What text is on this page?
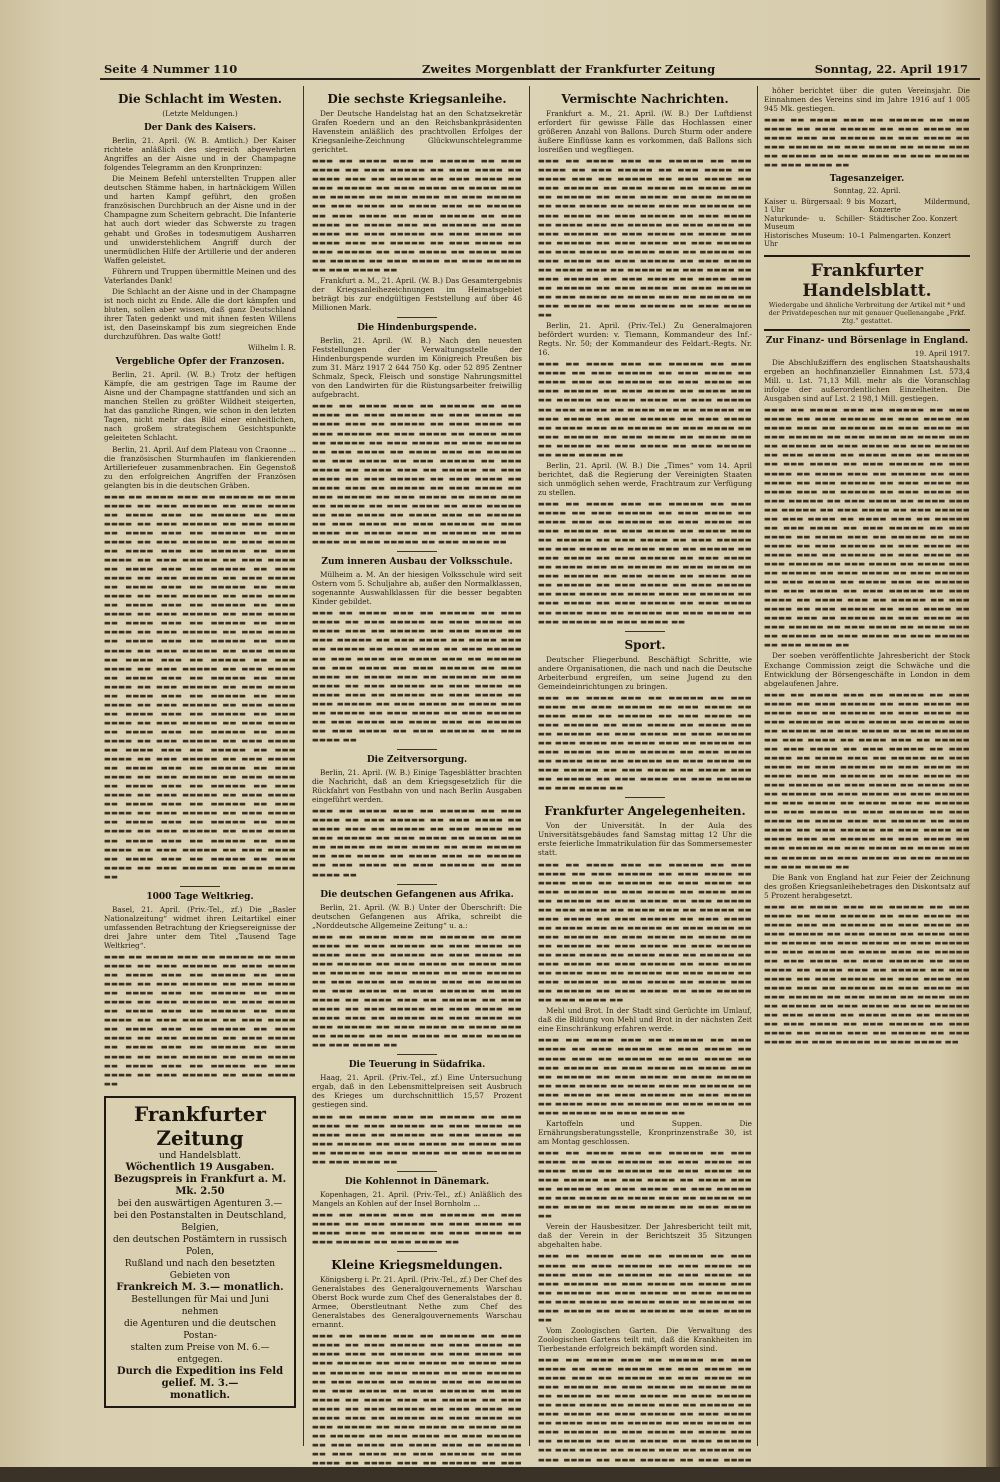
Seite 4 Nummer 110	Zweites Morgenblatt der Frankfurter Zeitung	Sonntag, 22. April 1917
Die Schlacht im Westen.
(Letzte Meldungen.)
Der Dank des Kaisers.

Berlin, 21. April. (W. B. Amtlich.) Der Kaiser richtete anläßlich des siegreich abgewehrten Angriffes an der Aisne und in der Champagne folgendes Telegramm an den Kronprinzen:

Die Meinem Befehl unterstellten Truppen aller deutschen Stämme haben, in hartnäckigem Willen und harten Kampf geführt, den großen französischen Durchbruch an der Aisne und in der Champagne zum Scheitern gebracht. Die Infanterie hat auch dort wieder das Schwerste zu tragen gehabt und Großes in todesmutigem Ausharren und unwiderstehlichem Angriff durch der unermüdlichen Hilfe der Artillerie und der anderen Waffen geleistet.

Führern und Truppen übermittle Meinen und des Vaterlandes Dank!

Die Schlacht an der Aisne und in der Champagne ist noch nicht zu Ende. Alle die dort kämpfen und bluten, sollen aber wissen, daß ganz Deutschland ihrer Taten gedenkt und mit ihnen festen Willens ist, den Daseinskampf bis zum siegreichen Ende durchzuführen. Das walte Gott!

Wilhelm I. R.

Vergebliche Opfer der Franzosen.

Berlin, 21. April. (W. B.) Trotz der heftigen Kämpfe, die am gestrigen Tage im Raume der Aisne und der Champagne stattfanden und sich an manchen Stellen zu größter Wildheit steigerten, hat das ganzliche Ringen, wie schon in den letzten Tagen, nicht mehr das Bild einer einheitlichen, nach großem strategischem Gesichtspunkte geleiteten Schlacht.

Berlin, 21. April. Auf dem Plateau von Craonne ... die französischen Sturmhaufen im flankierenden Artilleriefeuer zusammenbrachen. Ein Gegenstoß zu den erfolgreichen Angriffen der Französen gelangten bis in die deutschen Gräben.

▬▬▬ ▬▬ ▬▬▬▬ ▬▬▬ ▬▬ ▬▬▬▬▬ ▬▬ ▬▬▬ ▬▬▬▬ ▬▬ ▬▬▬ ▬▬▬▬▬ ▬▬ ▬▬▬ ▬▬▬▬ ▬▬ ▬▬▬▬ ▬▬▬ ▬▬ ▬▬▬▬▬ ▬▬ ▬▬▬ ▬▬▬▬ ▬▬ ▬▬▬ ▬▬▬▬▬ ▬▬ ▬▬▬ ▬▬▬▬ ▬▬ ▬▬▬▬ ▬▬▬ ▬▬ ▬▬▬▬▬ ▬▬ ▬▬▬ ▬▬▬▬ ▬▬ ▬▬▬ ▬▬▬▬▬ ▬▬ ▬▬▬ ▬▬▬▬ ▬▬ ▬▬▬▬ ▬▬▬ ▬▬ ▬▬▬▬▬ ▬▬ ▬▬▬ ▬▬▬▬ ▬▬ ▬▬▬ ▬▬▬▬▬ ▬▬ ▬▬▬ ▬▬▬▬ ▬▬ ▬▬▬▬ ▬▬▬ ▬▬ ▬▬▬▬▬ ▬▬ ▬▬▬ ▬▬▬▬ ▬▬ ▬▬▬ ▬▬▬▬▬ ▬▬ ▬▬▬ ▬▬▬▬ ▬▬ ▬▬▬▬ ▬▬▬ ▬▬ ▬▬▬▬▬ ▬▬ ▬▬▬ ▬▬▬▬ ▬▬ ▬▬▬ ▬▬▬▬▬ ▬▬ ▬▬▬ ▬▬▬▬ ▬▬ ▬▬▬▬ ▬▬▬ ▬▬ ▬▬▬▬▬ ▬▬ ▬▬▬ ▬▬▬▬ ▬▬ ▬▬▬ ▬▬▬▬▬ ▬▬ ▬▬▬ ▬▬▬▬ ▬▬ ▬▬▬▬ ▬▬▬ ▬▬ ▬▬▬▬▬ ▬▬ ▬▬▬ ▬▬▬▬ ▬▬ ▬▬▬ ▬▬▬▬▬ ▬▬ ▬▬▬ ▬▬▬▬ ▬▬ ▬▬▬▬ ▬▬▬ ▬▬ ▬▬▬▬▬ ▬▬ ▬▬▬ ▬▬▬▬ ▬▬ ▬▬▬ ▬▬▬▬▬ ▬▬ ▬▬▬ ▬▬▬▬ ▬▬ ▬▬▬▬ ▬▬▬ ▬▬ ▬▬▬▬▬ ▬▬ ▬▬▬ ▬▬▬▬ ▬▬ ▬▬▬ ▬▬▬▬▬ ▬▬ ▬▬▬ ▬▬▬▬ ▬▬ ▬▬▬▬ ▬▬▬ ▬▬ ▬▬▬▬▬ ▬▬ ▬▬▬ ▬▬▬▬ ▬▬ ▬▬▬ ▬▬▬▬▬ ▬▬ ▬▬▬ ▬▬▬▬ ▬▬ ▬▬▬▬ ▬▬▬ ▬▬ ▬▬▬▬▬ ▬▬ ▬▬▬ ▬▬▬▬ ▬▬ ▬▬▬ ▬▬▬▬▬ ▬▬ ▬▬▬ ▬▬▬▬ ▬▬ ▬▬▬▬ ▬▬▬ ▬▬ ▬▬▬▬▬ ▬▬ ▬▬▬ ▬▬▬▬ ▬▬ ▬▬▬ ▬▬▬▬▬ ▬▬ ▬▬▬ ▬▬▬▬ ▬▬ ▬▬▬▬ ▬▬▬ ▬▬ ▬▬▬▬▬ ▬▬ ▬▬▬ ▬▬▬▬ ▬▬ ▬▬▬ ▬▬▬▬▬ ▬▬ ▬▬▬ ▬▬▬▬ ▬▬ ▬▬▬▬ ▬▬▬ ▬▬ ▬▬▬▬▬ ▬▬ ▬▬▬ ▬▬▬▬ ▬▬ ▬▬▬ ▬▬▬▬▬ ▬▬ ▬▬▬ ▬▬▬▬ ▬▬ ▬▬▬▬ ▬▬▬ ▬▬ ▬▬▬▬▬ ▬▬ ▬▬▬ ▬▬▬▬ ▬▬ ▬▬▬ ▬▬▬▬▬ ▬▬ ▬▬▬ ▬▬▬▬ ▬▬ ▬▬▬▬ ▬▬▬ ▬▬ ▬▬▬▬▬ ▬▬ ▬▬▬ ▬▬▬▬ ▬▬ ▬▬▬ ▬▬▬▬▬ ▬▬ ▬▬▬ ▬▬▬▬ ▬▬ ▬▬▬▬ ▬▬▬ ▬▬ ▬▬▬▬▬ ▬▬ ▬▬▬ ▬▬▬▬ ▬▬ ▬▬▬ ▬▬▬▬▬ ▬▬ ▬▬▬ ▬▬▬▬ ▬▬ ▬▬▬▬ ▬▬▬ ▬▬ ▬▬▬▬▬ ▬▬ ▬▬▬ ▬▬▬▬ ▬▬ ▬▬▬ ▬▬▬▬▬ ▬▬ ▬▬▬ ▬▬▬▬ ▬▬ ▬▬▬▬ ▬▬▬ ▬▬ ▬▬▬▬▬ ▬▬ ▬▬▬ ▬▬▬▬ ▬▬ ▬▬▬ ▬▬▬▬▬ ▬▬ ▬▬▬ ▬▬▬▬ ▬▬ ▬▬▬▬ ▬▬▬ ▬▬ ▬▬▬▬▬ ▬▬ ▬▬▬ ▬▬▬▬ ▬▬ ▬▬▬ ▬▬▬▬▬ ▬▬ ▬▬▬ ▬▬▬▬ ▬▬

1000 Tage Weltkrieg.

Basel, 21. April. (Priv.-Tel., zf.) Die „Basler Nationalzeitung“ widmet ihren Leitartikel einer umfassenden Betrachtung der Kriegsereignisse der drei Jahre unter dem Titel „Tausend Tage Weltkrieg“.

▬▬▬ ▬▬ ▬▬▬▬ ▬▬▬ ▬▬ ▬▬▬▬▬ ▬▬ ▬▬▬ ▬▬▬▬ ▬▬ ▬▬▬ ▬▬▬▬▬ ▬▬ ▬▬▬ ▬▬▬▬ ▬▬ ▬▬▬▬ ▬▬▬ ▬▬ ▬▬▬▬▬ ▬▬ ▬▬▬ ▬▬▬▬ ▬▬ ▬▬▬ ▬▬▬▬▬ ▬▬ ▬▬▬ ▬▬▬▬ ▬▬ ▬▬▬▬ ▬▬▬ ▬▬ ▬▬▬▬▬ ▬▬ ▬▬▬ ▬▬▬▬ ▬▬ ▬▬▬ ▬▬▬▬▬ ▬▬ ▬▬▬ ▬▬▬▬ ▬▬ ▬▬▬▬ ▬▬▬ ▬▬ ▬▬▬▬▬ ▬▬ ▬▬▬ ▬▬▬▬ ▬▬ ▬▬▬ ▬▬▬▬▬ ▬▬ ▬▬▬ ▬▬▬▬ ▬▬ ▬▬▬▬ ▬▬▬ ▬▬ ▬▬▬▬▬ ▬▬ ▬▬▬ ▬▬▬▬ ▬▬ ▬▬▬ ▬▬▬▬▬ ▬▬ ▬▬▬ ▬▬▬▬ ▬▬ ▬▬▬▬ ▬▬▬ ▬▬ ▬▬▬▬▬ ▬▬ ▬▬▬ ▬▬▬▬ ▬▬ ▬▬▬ ▬▬▬▬▬ ▬▬ ▬▬▬ ▬▬▬▬ ▬▬ ▬▬▬▬ ▬▬▬ ▬▬ ▬▬▬▬▬ ▬▬ ▬▬▬ ▬▬▬▬ ▬▬ ▬▬▬ ▬▬▬▬▬ ▬▬ ▬▬▬ ▬▬▬▬ ▬▬

Frankfurter Zeitung
und Handelsblatt.
Wöchentlich 19 Ausgaben.
Bezugspreis in Frankfurt a. M. Mk. 2.50

bei den auswärtigen Agenturen 3.—

bei den Postanstalten in Deutschland, Belgien,

den deutschen Postämtern in russisch Polen,

Rußland und nach den besetzten Gebieten von

Frankreich M. 3.— monatlich.

Bestellungen für Mai und Juni nehmen

die Agenturen und die deutschen Postan-

stalten zum Preise von M. 6.— entgegen.

Durch die Expedition ins Feld gelief. M. 3.—

monatlich.

Die sechste Kriegsanleihe.

Der Deutsche Handelstag hat an den Schatzsekretär Grafen Roedern und an den Reichsbankpräsidenten Havenstein anläßlich des prachtvollen Erfolges der Kriegsanleihe-Zeichnung Glückwunschtelegramme gerichtet.

▬▬▬ ▬▬ ▬▬▬▬ ▬▬▬ ▬▬ ▬▬▬▬▬ ▬▬ ▬▬▬ ▬▬▬▬ ▬▬ ▬▬▬ ▬▬▬▬▬ ▬▬ ▬▬▬ ▬▬▬▬ ▬▬ ▬▬▬▬ ▬▬▬ ▬▬ ▬▬▬▬▬ ▬▬ ▬▬▬ ▬▬▬▬ ▬▬ ▬▬▬ ▬▬▬▬▬ ▬▬ ▬▬▬ ▬▬▬▬ ▬▬ ▬▬▬▬ ▬▬▬ ▬▬ ▬▬▬▬▬ ▬▬ ▬▬▬ ▬▬▬▬ ▬▬ ▬▬▬ ▬▬▬▬▬ ▬▬ ▬▬▬ ▬▬▬▬ ▬▬ ▬▬▬▬ ▬▬▬ ▬▬ ▬▬▬▬▬ ▬▬ ▬▬▬ ▬▬▬▬ ▬▬ ▬▬▬ ▬▬▬▬▬ ▬▬ ▬▬▬ ▬▬▬▬ ▬▬ ▬▬▬▬ ▬▬▬ ▬▬ ▬▬▬▬▬ ▬▬ ▬▬▬ ▬▬▬▬ ▬▬ ▬▬▬ ▬▬▬▬▬ ▬▬ ▬▬▬ ▬▬▬▬ ▬▬ ▬▬▬▬ ▬▬▬ ▬▬ ▬▬▬▬▬ ▬▬ ▬▬▬ ▬▬▬▬ ▬▬ ▬▬▬ ▬▬▬▬▬ ▬▬ ▬▬▬ ▬▬▬▬ ▬▬ ▬▬▬▬ ▬▬▬ ▬▬ ▬▬▬▬▬ ▬▬ ▬▬▬ ▬▬▬▬ ▬▬ ▬▬▬ ▬▬▬▬▬ ▬▬ ▬▬▬ ▬▬▬▬ ▬▬

Frankfurt a. M., 21. April. (W. B.) Das Gesamtergebnis der Kriegsanleihezeichnungen im Heimatsgebiet beträgt bis zur endgültigen Feststellung auf über 46 Millionen Mark.

Die Hindenburgspende.

Berlin, 21. April. (W. B.) Nach den neuesten Feststellungen der Verwaltungsstelle der Hindenburgspende wurden im Königreich Preußen bis zum 31. März 1917 2 644 750 Kg. oder 52 895 Zentner Schmalz, Speck, Fleisch und sonstige Nahrungsmittel von den Landwirten für die Rüstungsarbeiter freiwillig aufgebracht.

▬▬▬ ▬▬ ▬▬▬▬ ▬▬▬ ▬▬ ▬▬▬▬▬ ▬▬ ▬▬▬ ▬▬▬▬ ▬▬ ▬▬▬ ▬▬▬▬▬ ▬▬ ▬▬▬ ▬▬▬▬ ▬▬ ▬▬▬▬ ▬▬▬ ▬▬ ▬▬▬▬▬ ▬▬ ▬▬▬ ▬▬▬▬ ▬▬ ▬▬▬ ▬▬▬▬▬ ▬▬ ▬▬▬ ▬▬▬▬ ▬▬ ▬▬▬▬ ▬▬▬ ▬▬ ▬▬▬▬▬ ▬▬ ▬▬▬ ▬▬▬▬ ▬▬ ▬▬▬ ▬▬▬▬▬ ▬▬ ▬▬▬ ▬▬▬▬ ▬▬ ▬▬▬▬ ▬▬▬ ▬▬ ▬▬▬▬▬ ▬▬ ▬▬▬ ▬▬▬▬ ▬▬ ▬▬▬ ▬▬▬▬▬ ▬▬ ▬▬▬ ▬▬▬▬ ▬▬ ▬▬▬▬ ▬▬▬ ▬▬ ▬▬▬▬▬ ▬▬ ▬▬▬ ▬▬▬▬ ▬▬ ▬▬▬ ▬▬▬▬▬ ▬▬ ▬▬▬ ▬▬▬▬ ▬▬ ▬▬▬▬ ▬▬▬ ▬▬ ▬▬▬▬▬ ▬▬ ▬▬▬ ▬▬▬▬ ▬▬ ▬▬▬ ▬▬▬▬▬ ▬▬ ▬▬▬ ▬▬▬▬ ▬▬ ▬▬▬▬ ▬▬▬ ▬▬ ▬▬▬▬▬ ▬▬ ▬▬▬ ▬▬▬▬ ▬▬ ▬▬▬ ▬▬▬▬▬ ▬▬ ▬▬▬ ▬▬▬▬ ▬▬ ▬▬▬▬ ▬▬▬ ▬▬ ▬▬▬▬▬ ▬▬ ▬▬▬ ▬▬▬▬ ▬▬ ▬▬▬ ▬▬▬▬▬ ▬▬ ▬▬▬ ▬▬▬▬ ▬▬ ▬▬▬▬ ▬▬▬ ▬▬ ▬▬▬▬▬ ▬▬ ▬▬▬ ▬▬▬▬ ▬▬ ▬▬▬ ▬▬▬▬▬ ▬▬ ▬▬▬ ▬▬▬▬ ▬▬

Zum inneren Ausbau der Volksschule.

Mülheim a. M. An der hiesigen Volksschule wird seit Ostern vom 5. Schuljahre ab, außer den Normalklassen, sogenannte Auswahlklassen für die besser begabten Kinder gebildet.

▬▬▬ ▬▬ ▬▬▬▬ ▬▬▬ ▬▬ ▬▬▬▬▬ ▬▬ ▬▬▬ ▬▬▬▬ ▬▬ ▬▬▬ ▬▬▬▬▬ ▬▬ ▬▬▬ ▬▬▬▬ ▬▬ ▬▬▬▬ ▬▬▬ ▬▬ ▬▬▬▬▬ ▬▬ ▬▬▬ ▬▬▬▬ ▬▬ ▬▬▬ ▬▬▬▬▬ ▬▬ ▬▬▬ ▬▬▬▬ ▬▬ ▬▬▬▬ ▬▬▬ ▬▬ ▬▬▬▬▬ ▬▬ ▬▬▬ ▬▬▬▬ ▬▬ ▬▬▬ ▬▬▬▬▬ ▬▬ ▬▬▬ ▬▬▬▬ ▬▬ ▬▬▬▬ ▬▬▬ ▬▬ ▬▬▬▬▬ ▬▬ ▬▬▬ ▬▬▬▬ ▬▬ ▬▬▬ ▬▬▬▬▬ ▬▬ ▬▬▬ ▬▬▬▬ ▬▬ ▬▬▬▬ ▬▬▬ ▬▬ ▬▬▬▬▬ ▬▬ ▬▬▬ ▬▬▬▬ ▬▬ ▬▬▬ ▬▬▬▬▬ ▬▬ ▬▬▬ ▬▬▬▬ ▬▬ ▬▬▬▬ ▬▬▬ ▬▬ ▬▬▬▬▬ ▬▬ ▬▬▬ ▬▬▬▬ ▬▬ ▬▬▬ ▬▬▬▬▬ ▬▬ ▬▬▬ ▬▬▬▬ ▬▬ ▬▬▬▬ ▬▬▬ ▬▬ ▬▬▬▬▬ ▬▬ ▬▬▬ ▬▬▬▬ ▬▬ ▬▬▬ ▬▬▬▬▬ ▬▬ ▬▬▬ ▬▬▬▬ ▬▬ ▬▬▬▬ ▬▬▬ ▬▬ ▬▬▬▬▬ ▬▬ ▬▬▬ ▬▬▬▬ ▬▬ ▬▬▬ ▬▬▬▬▬ ▬▬ ▬▬▬ ▬▬▬▬ ▬▬

Die Zeitversorgung.

Berlin, 21. April. (W. B.) Einige Tagesblätter brachten die Nachricht, daß an dem Kriegsgesetzlich für die Rückfahrt von Festbahn von und nach Berlin Ausgaben eingeführt werden.

▬▬▬ ▬▬ ▬▬▬▬ ▬▬▬ ▬▬ ▬▬▬▬▬ ▬▬ ▬▬▬ ▬▬▬▬ ▬▬ ▬▬▬ ▬▬▬▬▬ ▬▬ ▬▬▬ ▬▬▬▬ ▬▬ ▬▬▬▬ ▬▬▬ ▬▬ ▬▬▬▬▬ ▬▬ ▬▬▬ ▬▬▬▬ ▬▬ ▬▬▬ ▬▬▬▬▬ ▬▬ ▬▬▬ ▬▬▬▬ ▬▬ ▬▬▬▬ ▬▬▬ ▬▬ ▬▬▬▬▬ ▬▬ ▬▬▬ ▬▬▬▬ ▬▬ ▬▬▬ ▬▬▬▬▬ ▬▬ ▬▬▬ ▬▬▬▬ ▬▬ ▬▬▬▬ ▬▬▬ ▬▬ ▬▬▬▬▬ ▬▬ ▬▬▬ ▬▬▬▬ ▬▬ ▬▬▬ ▬▬▬▬▬ ▬▬ ▬▬▬ ▬▬▬▬ ▬▬

Die deutschen Gefangenen aus Afrika.

Berlin, 21. April. (W. B.) Unter der Überschrift: Die deutschen Gefangenen aus Afrika, schreibt die „Norddeutsche Allgemeine Zeitung“ u. a.:

▬▬▬ ▬▬ ▬▬▬▬ ▬▬▬ ▬▬ ▬▬▬▬▬ ▬▬ ▬▬▬ ▬▬▬▬ ▬▬ ▬▬▬ ▬▬▬▬▬ ▬▬ ▬▬▬ ▬▬▬▬ ▬▬ ▬▬▬▬ ▬▬▬ ▬▬ ▬▬▬▬▬ ▬▬ ▬▬▬ ▬▬▬▬ ▬▬ ▬▬▬ ▬▬▬▬▬ ▬▬ ▬▬▬ ▬▬▬▬ ▬▬ ▬▬▬▬ ▬▬▬ ▬▬ ▬▬▬▬▬ ▬▬ ▬▬▬ ▬▬▬▬ ▬▬ ▬▬▬ ▬▬▬▬▬ ▬▬ ▬▬▬ ▬▬▬▬ ▬▬ ▬▬▬▬ ▬▬▬ ▬▬ ▬▬▬▬▬ ▬▬ ▬▬▬ ▬▬▬▬ ▬▬ ▬▬▬ ▬▬▬▬▬ ▬▬ ▬▬▬ ▬▬▬▬ ▬▬ ▬▬▬▬ ▬▬▬ ▬▬ ▬▬▬▬▬ ▬▬ ▬▬▬ ▬▬▬▬ ▬▬ ▬▬▬ ▬▬▬▬▬ ▬▬ ▬▬▬ ▬▬▬▬ ▬▬ ▬▬▬▬ ▬▬▬ ▬▬ ▬▬▬▬▬ ▬▬ ▬▬▬ ▬▬▬▬ ▬▬ ▬▬▬ ▬▬▬▬▬ ▬▬ ▬▬▬ ▬▬▬▬ ▬▬ ▬▬▬▬ ▬▬▬ ▬▬ ▬▬▬▬▬ ▬▬ ▬▬▬ ▬▬▬▬ ▬▬ ▬▬▬ ▬▬▬▬▬ ▬▬ ▬▬▬ ▬▬▬▬ ▬▬

Die Teuerung in Südafrika.

Haag, 21. April. (Priv.-Tel., zf.) Eine Untersuchung ergab, daß in den Lebensmittelpreisen seit Ausbruch des Krieges um durchschnittlich 15,57 Prozent gestiegen sind.

▬▬▬ ▬▬ ▬▬▬▬ ▬▬▬ ▬▬ ▬▬▬▬▬ ▬▬ ▬▬▬ ▬▬▬▬ ▬▬ ▬▬▬ ▬▬▬▬▬ ▬▬ ▬▬▬ ▬▬▬▬ ▬▬ ▬▬▬▬ ▬▬▬ ▬▬ ▬▬▬▬▬ ▬▬ ▬▬▬ ▬▬▬▬ ▬▬ ▬▬▬ ▬▬▬▬▬ ▬▬ ▬▬▬ ▬▬▬▬ ▬▬ ▬▬▬▬ ▬▬▬ ▬▬ ▬▬▬▬▬ ▬▬ ▬▬▬ ▬▬▬▬ ▬▬ ▬▬▬ ▬▬▬▬▬ ▬▬ ▬▬▬ ▬▬▬▬ ▬▬

Die Kohlennot in Dänemark.

Kopenhagen, 21. April. (Priv.-Tel., zf.) Anläßlich des Mangels an Kohlen auf der Insel Bornholm ...

▬▬▬ ▬▬ ▬▬▬▬ ▬▬▬ ▬▬ ▬▬▬▬▬ ▬▬ ▬▬▬ ▬▬▬▬ ▬▬ ▬▬▬ ▬▬▬▬▬ ▬▬ ▬▬▬ ▬▬▬▬ ▬▬ ▬▬▬▬ ▬▬▬ ▬▬ ▬▬▬▬▬ ▬▬ ▬▬▬ ▬▬▬▬ ▬▬ ▬▬▬ ▬▬▬▬▬ ▬▬ ▬▬▬ ▬▬▬▬ ▬▬

Kleine Kriegsmeldungen.

Königsberg i. Pr. 21. April. (Priv.-Tel., zf.) Der Chef des Generalstabes des Generalgouvernements Warschau Oberst Bock wurde zum Chef des Generalstabes der 8. Armee, Oberstleutnant Nethe zum Chef des Generalstabes des Generalgouvernements Warschau ernannt.

▬▬▬ ▬▬ ▬▬▬▬ ▬▬▬ ▬▬ ▬▬▬▬▬ ▬▬ ▬▬▬ ▬▬▬▬ ▬▬ ▬▬▬ ▬▬▬▬▬ ▬▬ ▬▬▬ ▬▬▬▬ ▬▬ ▬▬▬▬ ▬▬▬ ▬▬ ▬▬▬▬▬ ▬▬ ▬▬▬ ▬▬▬▬ ▬▬ ▬▬▬ ▬▬▬▬▬ ▬▬ ▬▬▬ ▬▬▬▬ ▬▬ ▬▬▬▬ ▬▬▬ ▬▬ ▬▬▬▬▬ ▬▬ ▬▬▬ ▬▬▬▬ ▬▬ ▬▬▬ ▬▬▬▬▬ ▬▬ ▬▬▬ ▬▬▬▬ ▬▬ ▬▬▬▬ ▬▬▬ ▬▬ ▬▬▬▬▬ ▬▬ ▬▬▬ ▬▬▬▬ ▬▬ ▬▬▬ ▬▬▬▬▬ ▬▬ ▬▬▬ ▬▬▬▬ ▬▬ ▬▬▬▬ ▬▬▬ ▬▬ ▬▬▬▬▬ ▬▬ ▬▬▬ ▬▬▬▬ ▬▬ ▬▬▬ ▬▬▬▬▬ ▬▬ ▬▬▬ ▬▬▬▬ ▬▬ ▬▬▬▬ ▬▬▬ ▬▬ ▬▬▬▬▬ ▬▬ ▬▬▬ ▬▬▬▬ ▬▬ ▬▬▬ ▬▬▬▬▬ ▬▬ ▬▬▬ ▬▬▬▬ ▬▬ ▬▬▬▬ ▬▬▬ ▬▬ ▬▬▬▬▬ ▬▬ ▬▬▬ ▬▬▬▬ ▬▬ ▬▬▬ ▬▬▬▬▬ ▬▬ ▬▬▬ ▬▬▬▬ ▬▬ ▬▬▬▬ ▬▬▬ ▬▬ ▬▬▬▬▬ ▬▬ ▬▬▬ ▬▬▬▬ ▬▬ ▬▬▬ ▬▬▬▬▬ ▬▬ ▬▬▬ ▬▬▬▬ ▬▬ ▬▬▬▬ ▬▬▬ ▬▬ ▬▬▬▬▬ ▬▬ ▬▬▬ ▬▬▬▬ ▬▬ ▬▬▬ ▬▬▬▬▬ ▬▬ ▬▬▬ ▬▬▬▬ ▬▬

Vermischte Nachrichten.

Frankfurt a. M., 21. April. (W. B.) Der Luftdienst erfordert für gewisse Fälle das Hochlassen einer größeren Anzahl von Ballons. Durch Sturm oder andere äußere Einflüsse kann es vorkommen, daß Ballons sich losreißen und wegfliegen.

▬▬▬ ▬▬ ▬▬▬▬ ▬▬▬ ▬▬ ▬▬▬▬▬ ▬▬ ▬▬▬ ▬▬▬▬ ▬▬ ▬▬▬ ▬▬▬▬▬ ▬▬ ▬▬▬ ▬▬▬▬ ▬▬ ▬▬▬▬ ▬▬▬ ▬▬ ▬▬▬▬▬ ▬▬ ▬▬▬ ▬▬▬▬ ▬▬ ▬▬▬ ▬▬▬▬▬ ▬▬ ▬▬▬ ▬▬▬▬ ▬▬ ▬▬▬▬ ▬▬▬ ▬▬ ▬▬▬▬▬ ▬▬ ▬▬▬ ▬▬▬▬ ▬▬ ▬▬▬ ▬▬▬▬▬ ▬▬ ▬▬▬ ▬▬▬▬ ▬▬ ▬▬▬▬ ▬▬▬ ▬▬ ▬▬▬▬▬ ▬▬ ▬▬▬ ▬▬▬▬ ▬▬ ▬▬▬ ▬▬▬▬▬ ▬▬ ▬▬▬ ▬▬▬▬ ▬▬ ▬▬▬▬ ▬▬▬ ▬▬ ▬▬▬▬▬ ▬▬ ▬▬▬ ▬▬▬▬ ▬▬ ▬▬▬ ▬▬▬▬▬ ▬▬ ▬▬▬ ▬▬▬▬ ▬▬ ▬▬▬▬ ▬▬▬ ▬▬ ▬▬▬▬▬ ▬▬ ▬▬▬ ▬▬▬▬ ▬▬ ▬▬▬ ▬▬▬▬▬ ▬▬ ▬▬▬ ▬▬▬▬ ▬▬ ▬▬▬▬ ▬▬▬ ▬▬ ▬▬▬▬▬ ▬▬ ▬▬▬ ▬▬▬▬ ▬▬ ▬▬▬ ▬▬▬▬▬ ▬▬ ▬▬▬ ▬▬▬▬ ▬▬ ▬▬▬▬ ▬▬▬ ▬▬ ▬▬▬▬▬ ▬▬ ▬▬▬ ▬▬▬▬ ▬▬ ▬▬▬ ▬▬▬▬▬ ▬▬ ▬▬▬ ▬▬▬▬ ▬▬ ▬▬▬▬ ▬▬▬ ▬▬ ▬▬▬▬▬ ▬▬ ▬▬▬ ▬▬▬▬ ▬▬ ▬▬▬ ▬▬▬▬▬ ▬▬ ▬▬▬ ▬▬▬▬ ▬▬ ▬▬▬▬ ▬▬▬ ▬▬ ▬▬▬▬▬ ▬▬ ▬▬▬ ▬▬▬▬ ▬▬ ▬▬▬ ▬▬▬▬▬ ▬▬ ▬▬▬ ▬▬▬▬ ▬▬

Berlin, 21. April. (Priv.-Tel.) Zu Generalmajoren befördert wurden: v. Tiemann, Kommandeur des Inf.-Regts. Nr. 50; der Kommandeur des Feldart.-Regts. Nr. 16.

▬▬▬ ▬▬ ▬▬▬▬ ▬▬▬ ▬▬ ▬▬▬▬▬ ▬▬ ▬▬▬ ▬▬▬▬ ▬▬ ▬▬▬ ▬▬▬▬▬ ▬▬ ▬▬▬ ▬▬▬▬ ▬▬ ▬▬▬▬ ▬▬▬ ▬▬ ▬▬▬▬▬ ▬▬ ▬▬▬ ▬▬▬▬ ▬▬ ▬▬▬ ▬▬▬▬▬ ▬▬ ▬▬▬ ▬▬▬▬ ▬▬ ▬▬▬▬ ▬▬▬ ▬▬ ▬▬▬▬▬ ▬▬ ▬▬▬ ▬▬▬▬ ▬▬ ▬▬▬ ▬▬▬▬▬ ▬▬ ▬▬▬ ▬▬▬▬ ▬▬ ▬▬▬▬ ▬▬▬ ▬▬ ▬▬▬▬▬ ▬▬ ▬▬▬ ▬▬▬▬ ▬▬ ▬▬▬ ▬▬▬▬▬ ▬▬ ▬▬▬ ▬▬▬▬ ▬▬ ▬▬▬▬ ▬▬▬ ▬▬ ▬▬▬▬▬ ▬▬ ▬▬▬ ▬▬▬▬ ▬▬ ▬▬▬ ▬▬▬▬▬ ▬▬ ▬▬▬ ▬▬▬▬ ▬▬ ▬▬▬▬ ▬▬▬ ▬▬ ▬▬▬▬▬ ▬▬ ▬▬▬ ▬▬▬▬ ▬▬ ▬▬▬ ▬▬▬▬▬ ▬▬ ▬▬▬ ▬▬▬▬ ▬▬

Berlin, 21. April. (W. B.) Die „Times“ vom 14. April berichtet, daß die Regierung der Vereinigten Staaten sich unmöglich sehen werde, Frachtraum zur Verfügung zu stellen.

▬▬▬ ▬▬ ▬▬▬▬ ▬▬▬ ▬▬ ▬▬▬▬▬ ▬▬ ▬▬▬ ▬▬▬▬ ▬▬ ▬▬▬ ▬▬▬▬▬ ▬▬ ▬▬▬ ▬▬▬▬ ▬▬ ▬▬▬▬ ▬▬▬ ▬▬ ▬▬▬▬▬ ▬▬ ▬▬▬ ▬▬▬▬ ▬▬ ▬▬▬ ▬▬▬▬▬ ▬▬ ▬▬▬ ▬▬▬▬ ▬▬ ▬▬▬▬ ▬▬▬ ▬▬ ▬▬▬▬▬ ▬▬ ▬▬▬ ▬▬▬▬ ▬▬ ▬▬▬ ▬▬▬▬▬ ▬▬ ▬▬▬ ▬▬▬▬ ▬▬ ▬▬▬▬ ▬▬▬ ▬▬ ▬▬▬▬▬ ▬▬ ▬▬▬ ▬▬▬▬ ▬▬ ▬▬▬ ▬▬▬▬▬ ▬▬ ▬▬▬ ▬▬▬▬ ▬▬ ▬▬▬▬ ▬▬▬ ▬▬ ▬▬▬▬▬ ▬▬ ▬▬▬ ▬▬▬▬ ▬▬ ▬▬▬ ▬▬▬▬▬ ▬▬ ▬▬▬ ▬▬▬▬ ▬▬ ▬▬▬▬ ▬▬▬ ▬▬ ▬▬▬▬▬ ▬▬ ▬▬▬ ▬▬▬▬ ▬▬ ▬▬▬ ▬▬▬▬▬ ▬▬ ▬▬▬ ▬▬▬▬ ▬▬ ▬▬▬▬ ▬▬▬ ▬▬ ▬▬▬▬▬ ▬▬ ▬▬▬ ▬▬▬▬ ▬▬ ▬▬▬ ▬▬▬▬▬ ▬▬ ▬▬▬ ▬▬▬▬ ▬▬ ▬▬▬▬ ▬▬▬ ▬▬ ▬▬▬▬▬ ▬▬ ▬▬▬ ▬▬▬▬ ▬▬ ▬▬▬ ▬▬▬▬▬ ▬▬ ▬▬▬ ▬▬▬▬ ▬▬

Sport.

Deutscher Fliegerbund. Beschäftigt Schritte, wie andere Organisationen, die nach und nach die Deutsche Arbeiterbund ergreifen, um seine Jugend zu den Gemeindeinrichtungen zu bringen.

▬▬▬ ▬▬ ▬▬▬▬ ▬▬▬ ▬▬ ▬▬▬▬▬ ▬▬ ▬▬▬ ▬▬▬▬ ▬▬ ▬▬▬ ▬▬▬▬▬ ▬▬ ▬▬▬ ▬▬▬▬ ▬▬ ▬▬▬▬ ▬▬▬ ▬▬ ▬▬▬▬▬ ▬▬ ▬▬▬ ▬▬▬▬ ▬▬ ▬▬▬ ▬▬▬▬▬ ▬▬ ▬▬▬ ▬▬▬▬ ▬▬ ▬▬▬▬ ▬▬▬ ▬▬ ▬▬▬▬▬ ▬▬ ▬▬▬ ▬▬▬▬ ▬▬ ▬▬▬ ▬▬▬▬▬ ▬▬ ▬▬▬ ▬▬▬▬ ▬▬ ▬▬▬▬ ▬▬▬ ▬▬ ▬▬▬▬▬ ▬▬ ▬▬▬ ▬▬▬▬ ▬▬ ▬▬▬ ▬▬▬▬▬ ▬▬ ▬▬▬ ▬▬▬▬ ▬▬ ▬▬▬▬ ▬▬▬ ▬▬ ▬▬▬▬▬ ▬▬ ▬▬▬ ▬▬▬▬ ▬▬ ▬▬▬ ▬▬▬▬▬ ▬▬ ▬▬▬ ▬▬▬▬ ▬▬ ▬▬▬▬ ▬▬▬ ▬▬ ▬▬▬▬▬ ▬▬ ▬▬▬ ▬▬▬▬ ▬▬ ▬▬▬ ▬▬▬▬▬ ▬▬ ▬▬▬ ▬▬▬▬ ▬▬

Frankfurter Angelegenheiten.

Von der Universität. In der Aula des Universitätsgebäudes fand Samstag mittag 12 Uhr die erste feierliche Immatrikulation für das Sommersemester statt.

▬▬▬ ▬▬ ▬▬▬▬ ▬▬▬ ▬▬ ▬▬▬▬▬ ▬▬ ▬▬▬ ▬▬▬▬ ▬▬ ▬▬▬ ▬▬▬▬▬ ▬▬ ▬▬▬ ▬▬▬▬ ▬▬ ▬▬▬▬ ▬▬▬ ▬▬ ▬▬▬▬▬ ▬▬ ▬▬▬ ▬▬▬▬ ▬▬ ▬▬▬ ▬▬▬▬▬ ▬▬ ▬▬▬ ▬▬▬▬ ▬▬ ▬▬▬▬ ▬▬▬ ▬▬ ▬▬▬▬▬ ▬▬ ▬▬▬ ▬▬▬▬ ▬▬ ▬▬▬ ▬▬▬▬▬ ▬▬ ▬▬▬ ▬▬▬▬ ▬▬ ▬▬▬▬ ▬▬▬ ▬▬ ▬▬▬▬▬ ▬▬ ▬▬▬ ▬▬▬▬ ▬▬ ▬▬▬ ▬▬▬▬▬ ▬▬ ▬▬▬ ▬▬▬▬ ▬▬ ▬▬▬▬ ▬▬▬ ▬▬ ▬▬▬▬▬ ▬▬ ▬▬▬ ▬▬▬▬ ▬▬ ▬▬▬ ▬▬▬▬▬ ▬▬ ▬▬▬ ▬▬▬▬ ▬▬ ▬▬▬▬ ▬▬▬ ▬▬ ▬▬▬▬▬ ▬▬ ▬▬▬ ▬▬▬▬ ▬▬ ▬▬▬ ▬▬▬▬▬ ▬▬ ▬▬▬ ▬▬▬▬ ▬▬ ▬▬▬▬ ▬▬▬ ▬▬ ▬▬▬▬▬ ▬▬ ▬▬▬ ▬▬▬▬ ▬▬ ▬▬▬ ▬▬▬▬▬ ▬▬ ▬▬▬ ▬▬▬▬ ▬▬ ▬▬▬▬ ▬▬▬ ▬▬ ▬▬▬▬▬ ▬▬ ▬▬▬ ▬▬▬▬ ▬▬ ▬▬▬ ▬▬▬▬▬ ▬▬ ▬▬▬ ▬▬▬▬ ▬▬ ▬▬▬▬ ▬▬▬ ▬▬ ▬▬▬▬▬ ▬▬ ▬▬▬ ▬▬▬▬ ▬▬ ▬▬▬ ▬▬▬▬▬ ▬▬ ▬▬▬ ▬▬▬▬ ▬▬

Mehl und Brot. In der Stadt sind Gerüchte im Umlauf, daß die Bildung von Mehl und Brot in der nächsten Zeit eine Einschränkung erfahren werde.

▬▬▬ ▬▬ ▬▬▬▬ ▬▬▬ ▬▬ ▬▬▬▬▬ ▬▬ ▬▬▬ ▬▬▬▬ ▬▬ ▬▬▬ ▬▬▬▬▬ ▬▬ ▬▬▬ ▬▬▬▬ ▬▬ ▬▬▬▬ ▬▬▬ ▬▬ ▬▬▬▬▬ ▬▬ ▬▬▬ ▬▬▬▬ ▬▬ ▬▬▬ ▬▬▬▬▬ ▬▬ ▬▬▬ ▬▬▬▬ ▬▬ ▬▬▬▬ ▬▬▬ ▬▬ ▬▬▬▬▬ ▬▬ ▬▬▬ ▬▬▬▬ ▬▬ ▬▬▬ ▬▬▬▬▬ ▬▬ ▬▬▬ ▬▬▬▬ ▬▬ ▬▬▬▬ ▬▬▬ ▬▬ ▬▬▬▬▬ ▬▬ ▬▬▬ ▬▬▬▬ ▬▬ ▬▬▬ ▬▬▬▬▬ ▬▬ ▬▬▬ ▬▬▬▬ ▬▬ ▬▬▬▬ ▬▬▬ ▬▬ ▬▬▬▬▬ ▬▬ ▬▬▬ ▬▬▬▬ ▬▬ ▬▬▬ ▬▬▬▬▬ ▬▬ ▬▬▬ ▬▬▬▬ ▬▬

Kartoffeln und Suppen. Die Ernährungsberatungsstelle, Kronprinzenstraße 30, ist am Montag geschlossen.

▬▬▬ ▬▬ ▬▬▬▬ ▬▬▬ ▬▬ ▬▬▬▬▬ ▬▬ ▬▬▬ ▬▬▬▬ ▬▬ ▬▬▬ ▬▬▬▬▬ ▬▬ ▬▬▬ ▬▬▬▬ ▬▬ ▬▬▬▬ ▬▬▬ ▬▬ ▬▬▬▬▬ ▬▬ ▬▬▬ ▬▬▬▬ ▬▬ ▬▬▬ ▬▬▬▬▬ ▬▬ ▬▬▬ ▬▬▬▬ ▬▬ ▬▬▬▬ ▬▬▬ ▬▬ ▬▬▬▬▬ ▬▬ ▬▬▬ ▬▬▬▬ ▬▬ ▬▬▬ ▬▬▬▬▬ ▬▬ ▬▬▬ ▬▬▬▬ ▬▬ ▬▬▬▬ ▬▬▬ ▬▬ ▬▬▬▬▬ ▬▬ ▬▬▬ ▬▬▬▬ ▬▬ ▬▬▬ ▬▬▬▬▬ ▬▬ ▬▬▬ ▬▬▬▬ ▬▬

Verein der Hausbesitzer. Der Jahresbericht teilt mit, daß der Verein in der Berichtszeit 35 Sitzungen abgehalten habe.

▬▬▬ ▬▬ ▬▬▬▬ ▬▬▬ ▬▬ ▬▬▬▬▬ ▬▬ ▬▬▬ ▬▬▬▬ ▬▬ ▬▬▬ ▬▬▬▬▬ ▬▬ ▬▬▬ ▬▬▬▬ ▬▬ ▬▬▬▬ ▬▬▬ ▬▬ ▬▬▬▬▬ ▬▬ ▬▬▬ ▬▬▬▬ ▬▬ ▬▬▬ ▬▬▬▬▬ ▬▬ ▬▬▬ ▬▬▬▬ ▬▬ ▬▬▬▬ ▬▬▬ ▬▬ ▬▬▬▬▬ ▬▬ ▬▬▬ ▬▬▬▬ ▬▬ ▬▬▬ ▬▬▬▬▬ ▬▬ ▬▬▬ ▬▬▬▬ ▬▬ ▬▬▬▬ ▬▬▬ ▬▬ ▬▬▬▬▬ ▬▬ ▬▬▬ ▬▬▬▬ ▬▬ ▬▬▬ ▬▬▬▬▬ ▬▬ ▬▬▬ ▬▬▬▬ ▬▬

Vom Zoologischen Garten. Die Verwaltung des Zoologischen Gartens teilt mit, daß die Krankheiten im Tierbestande erfolgreich bekämpft worden sind.

▬▬▬ ▬▬ ▬▬▬▬ ▬▬▬ ▬▬ ▬▬▬▬▬ ▬▬ ▬▬▬ ▬▬▬▬ ▬▬ ▬▬▬ ▬▬▬▬▬ ▬▬ ▬▬▬ ▬▬▬▬ ▬▬ ▬▬▬▬ ▬▬▬ ▬▬ ▬▬▬▬▬ ▬▬ ▬▬▬ ▬▬▬▬ ▬▬ ▬▬▬ ▬▬▬▬▬ ▬▬ ▬▬▬ ▬▬▬▬ ▬▬ ▬▬▬▬ ▬▬▬ ▬▬ ▬▬▬▬▬ ▬▬ ▬▬▬ ▬▬▬▬ ▬▬ ▬▬▬ ▬▬▬▬▬ ▬▬ ▬▬▬ ▬▬▬▬ ▬▬ ▬▬▬▬ ▬▬▬ ▬▬ ▬▬▬▬▬ ▬▬ ▬▬▬ ▬▬▬▬ ▬▬ ▬▬▬ ▬▬▬▬▬ ▬▬ ▬▬▬ ▬▬▬▬ ▬▬ ▬▬▬▬ ▬▬▬ ▬▬ ▬▬▬▬▬ ▬▬ ▬▬▬ ▬▬▬▬ ▬▬ ▬▬▬ ▬▬▬▬▬ ▬▬ ▬▬▬ ▬▬▬▬ ▬▬ ▬▬▬▬ ▬▬▬ ▬▬ ▬▬▬▬▬ ▬▬ ▬▬▬ ▬▬▬▬ ▬▬ ▬▬▬ ▬▬▬▬▬ ▬▬ ▬▬▬ ▬▬▬▬ ▬▬ ▬▬▬▬ ▬▬▬ ▬▬ ▬▬▬▬▬ ▬▬ ▬▬▬ ▬▬▬▬ ▬▬ ▬▬▬ ▬▬▬▬▬ ▬▬ ▬▬▬ ▬▬▬▬ ▬▬ ▬▬▬▬ ▬▬▬ ▬▬ ▬▬▬▬▬ ▬▬ ▬▬▬ ▬▬▬▬ ▬▬ ▬▬▬ ▬▬▬▬▬ ▬▬ ▬▬▬ ▬▬▬▬ ▬▬

höher berichtet über die guten Vereinsjahr. Die Einnahmen des Vereins sind im Jahre 1916 auf 1 005 945 Mk. gestiegen.

▬▬▬ ▬▬ ▬▬▬▬ ▬▬▬ ▬▬ ▬▬▬▬▬ ▬▬ ▬▬▬ ▬▬▬▬ ▬▬ ▬▬▬ ▬▬▬▬▬ ▬▬ ▬▬▬ ▬▬▬▬ ▬▬ ▬▬▬▬ ▬▬▬ ▬▬ ▬▬▬▬▬ ▬▬ ▬▬▬ ▬▬▬▬ ▬▬ ▬▬▬ ▬▬▬▬▬ ▬▬ ▬▬▬ ▬▬▬▬ ▬▬ ▬▬▬▬ ▬▬▬ ▬▬ ▬▬▬▬▬ ▬▬ ▬▬▬ ▬▬▬▬ ▬▬ ▬▬▬ ▬▬▬▬▬ ▬▬ ▬▬▬ ▬▬▬▬ ▬▬

Tagesanzeiger.
Sonntag, 22. April.
Kaiser u. Bürgersaal: 9 bis 1 Uhr
Mozart, Mildermund, Konzerte
Naturkunde- u. Schiller-Museum
Städtischer Zoo. Konzert
Historisches Museum: 10–1 Uhr
Palmengarten. Konzert
Frankfurter Handelsblatt.
Wiedergabe und ähnliche Verbreitung der Artikel mit * und der Privatdepeschen nur mit genauer Quellenangabe „Frkf. Ztg.“ gestattet.
Zur Finanz- und Börsenlage in England.
19. April 1917.

Die Abschlußziffern des englischen Staatshaushalts ergeben an hochfinanzieller Einnahmen Lst. 573,4 Mill. u. Lst. 71,13 Mill. mehr als die Voranschlag infolge der außerordentlichen Einzelheiten. Die Ausgaben sind auf Lst. 2 198,1 Mill. gestiegen.

▬▬▬ ▬▬ ▬▬▬▬ ▬▬▬ ▬▬ ▬▬▬▬▬ ▬▬ ▬▬▬ ▬▬▬▬ ▬▬ ▬▬▬ ▬▬▬▬▬ ▬▬ ▬▬▬ ▬▬▬▬ ▬▬ ▬▬▬▬ ▬▬▬ ▬▬ ▬▬▬▬▬ ▬▬ ▬▬▬ ▬▬▬▬ ▬▬ ▬▬▬ ▬▬▬▬▬ ▬▬ ▬▬▬ ▬▬▬▬ ▬▬ ▬▬▬▬ ▬▬▬ ▬▬ ▬▬▬▬▬ ▬▬ ▬▬▬ ▬▬▬▬ ▬▬ ▬▬▬ ▬▬▬▬▬ ▬▬ ▬▬▬ ▬▬▬▬ ▬▬ ▬▬▬▬ ▬▬▬ ▬▬ ▬▬▬▬▬ ▬▬ ▬▬▬ ▬▬▬▬ ▬▬ ▬▬▬ ▬▬▬▬▬ ▬▬ ▬▬▬ ▬▬▬▬ ▬▬ ▬▬▬▬ ▬▬▬ ▬▬ ▬▬▬▬▬ ▬▬ ▬▬▬ ▬▬▬▬ ▬▬ ▬▬▬ ▬▬▬▬▬ ▬▬ ▬▬▬ ▬▬▬▬ ▬▬ ▬▬▬▬ ▬▬▬ ▬▬ ▬▬▬▬▬ ▬▬ ▬▬▬ ▬▬▬▬ ▬▬ ▬▬▬ ▬▬▬▬▬ ▬▬ ▬▬▬ ▬▬▬▬ ▬▬ ▬▬▬▬ ▬▬▬ ▬▬ ▬▬▬▬▬ ▬▬ ▬▬▬ ▬▬▬▬ ▬▬ ▬▬▬ ▬▬▬▬▬ ▬▬ ▬▬▬ ▬▬▬▬ ▬▬ ▬▬▬▬ ▬▬▬ ▬▬ ▬▬▬▬▬ ▬▬ ▬▬▬ ▬▬▬▬ ▬▬ ▬▬▬ ▬▬▬▬▬ ▬▬ ▬▬▬ ▬▬▬▬ ▬▬ ▬▬▬▬ ▬▬▬ ▬▬ ▬▬▬▬▬ ▬▬ ▬▬▬ ▬▬▬▬ ▬▬ ▬▬▬ ▬▬▬▬▬ ▬▬ ▬▬▬ ▬▬▬▬ ▬▬ ▬▬▬▬ ▬▬▬ ▬▬ ▬▬▬▬▬ ▬▬ ▬▬▬ ▬▬▬▬ ▬▬ ▬▬▬ ▬▬▬▬▬ ▬▬ ▬▬▬ ▬▬▬▬ ▬▬ ▬▬▬▬ ▬▬▬ ▬▬ ▬▬▬▬▬ ▬▬ ▬▬▬ ▬▬▬▬ ▬▬ ▬▬▬ ▬▬▬▬▬ ▬▬ ▬▬▬ ▬▬▬▬ ▬▬ ▬▬▬▬ ▬▬▬ ▬▬ ▬▬▬▬▬ ▬▬ ▬▬▬ ▬▬▬▬ ▬▬ ▬▬▬ ▬▬▬▬▬ ▬▬ ▬▬▬ ▬▬▬▬ ▬▬ ▬▬▬▬ ▬▬▬ ▬▬ ▬▬▬▬▬ ▬▬ ▬▬▬ ▬▬▬▬ ▬▬ ▬▬▬ ▬▬▬▬▬ ▬▬ ▬▬▬ ▬▬▬▬ ▬▬ ▬▬▬▬ ▬▬▬ ▬▬ ▬▬▬▬▬ ▬▬ ▬▬▬ ▬▬▬▬ ▬▬ ▬▬▬ ▬▬▬▬▬ ▬▬ ▬▬▬ ▬▬▬▬ ▬▬ ▬▬▬▬ ▬▬▬ ▬▬ ▬▬▬▬▬ ▬▬ ▬▬▬ ▬▬▬▬ ▬▬ ▬▬▬ ▬▬▬▬▬ ▬▬ ▬▬▬ ▬▬▬▬ ▬▬

Der soeben veröffentlichte Jahresbericht der Stock Exchange Commission zeigt die Schwäche und die Entwicklung der Börsengeschäfte in London in dem abgelaufenen Jahre.

▬▬▬ ▬▬ ▬▬▬▬ ▬▬▬ ▬▬ ▬▬▬▬▬ ▬▬ ▬▬▬ ▬▬▬▬ ▬▬ ▬▬▬ ▬▬▬▬▬ ▬▬ ▬▬▬ ▬▬▬▬ ▬▬ ▬▬▬▬ ▬▬▬ ▬▬ ▬▬▬▬▬ ▬▬ ▬▬▬ ▬▬▬▬ ▬▬ ▬▬▬ ▬▬▬▬▬ ▬▬ ▬▬▬ ▬▬▬▬ ▬▬ ▬▬▬▬ ▬▬▬ ▬▬ ▬▬▬▬▬ ▬▬ ▬▬▬ ▬▬▬▬ ▬▬ ▬▬▬ ▬▬▬▬▬ ▬▬ ▬▬▬ ▬▬▬▬ ▬▬ ▬▬▬▬ ▬▬▬ ▬▬ ▬▬▬▬▬ ▬▬ ▬▬▬ ▬▬▬▬ ▬▬ ▬▬▬ ▬▬▬▬▬ ▬▬ ▬▬▬ ▬▬▬▬ ▬▬ ▬▬▬▬ ▬▬▬ ▬▬ ▬▬▬▬▬ ▬▬ ▬▬▬ ▬▬▬▬ ▬▬ ▬▬▬ ▬▬▬▬▬ ▬▬ ▬▬▬ ▬▬▬▬ ▬▬ ▬▬▬▬ ▬▬▬ ▬▬ ▬▬▬▬▬ ▬▬ ▬▬▬ ▬▬▬▬ ▬▬ ▬▬▬ ▬▬▬▬▬ ▬▬ ▬▬▬ ▬▬▬▬ ▬▬ ▬▬▬▬ ▬▬▬ ▬▬ ▬▬▬▬▬ ▬▬ ▬▬▬ ▬▬▬▬ ▬▬ ▬▬▬ ▬▬▬▬▬ ▬▬ ▬▬▬ ▬▬▬▬ ▬▬ ▬▬▬▬ ▬▬▬ ▬▬ ▬▬▬▬▬ ▬▬ ▬▬▬ ▬▬▬▬ ▬▬ ▬▬▬ ▬▬▬▬▬ ▬▬ ▬▬▬ ▬▬▬▬ ▬▬ ▬▬▬▬ ▬▬▬ ▬▬ ▬▬▬▬▬ ▬▬ ▬▬▬ ▬▬▬▬ ▬▬ ▬▬▬ ▬▬▬▬▬ ▬▬ ▬▬▬ ▬▬▬▬ ▬▬ ▬▬▬▬ ▬▬▬ ▬▬ ▬▬▬▬▬ ▬▬ ▬▬▬ ▬▬▬▬ ▬▬ ▬▬▬ ▬▬▬▬▬ ▬▬ ▬▬▬ ▬▬▬▬ ▬▬ ▬▬▬▬ ▬▬▬ ▬▬ ▬▬▬▬▬ ▬▬ ▬▬▬ ▬▬▬▬ ▬▬ ▬▬▬ ▬▬▬▬▬ ▬▬ ▬▬▬ ▬▬▬▬ ▬▬

Die Bank von England hat zur Feier der Zeichnung des großen Kriegsanleihebetrages den Diskontsatz auf 5 Prozent herabgesetzt.

▬▬▬ ▬▬ ▬▬▬▬ ▬▬▬ ▬▬ ▬▬▬▬▬ ▬▬ ▬▬▬ ▬▬▬▬ ▬▬ ▬▬▬ ▬▬▬▬▬ ▬▬ ▬▬▬ ▬▬▬▬ ▬▬ ▬▬▬▬ ▬▬▬ ▬▬ ▬▬▬▬▬ ▬▬ ▬▬▬ ▬▬▬▬ ▬▬ ▬▬▬ ▬▬▬▬▬ ▬▬ ▬▬▬ ▬▬▬▬ ▬▬ ▬▬▬▬ ▬▬▬ ▬▬ ▬▬▬▬▬ ▬▬ ▬▬▬ ▬▬▬▬ ▬▬ ▬▬▬ ▬▬▬▬▬ ▬▬ ▬▬▬ ▬▬▬▬ ▬▬ ▬▬▬▬ ▬▬▬ ▬▬ ▬▬▬▬▬ ▬▬ ▬▬▬ ▬▬▬▬ ▬▬ ▬▬▬ ▬▬▬▬▬ ▬▬ ▬▬▬ ▬▬▬▬ ▬▬ ▬▬▬▬ ▬▬▬ ▬▬ ▬▬▬▬▬ ▬▬ ▬▬▬ ▬▬▬▬ ▬▬ ▬▬▬ ▬▬▬▬▬ ▬▬ ▬▬▬ ▬▬▬▬ ▬▬ ▬▬▬▬ ▬▬▬ ▬▬ ▬▬▬▬▬ ▬▬ ▬▬▬ ▬▬▬▬ ▬▬ ▬▬▬ ▬▬▬▬▬ ▬▬ ▬▬▬ ▬▬▬▬ ▬▬ ▬▬▬▬ ▬▬▬ ▬▬ ▬▬▬▬▬ ▬▬ ▬▬▬ ▬▬▬▬ ▬▬ ▬▬▬ ▬▬▬▬▬ ▬▬ ▬▬▬ ▬▬▬▬ ▬▬ ▬▬▬▬ ▬▬▬ ▬▬ ▬▬▬▬▬ ▬▬ ▬▬▬ ▬▬▬▬ ▬▬ ▬▬▬ ▬▬▬▬▬ ▬▬ ▬▬▬ ▬▬▬▬ ▬▬ ▬▬▬▬ ▬▬▬ ▬▬ ▬▬▬▬▬ ▬▬ ▬▬▬ ▬▬▬▬ ▬▬ ▬▬▬ ▬▬▬▬▬ ▬▬ ▬▬▬ ▬▬▬▬ ▬▬
